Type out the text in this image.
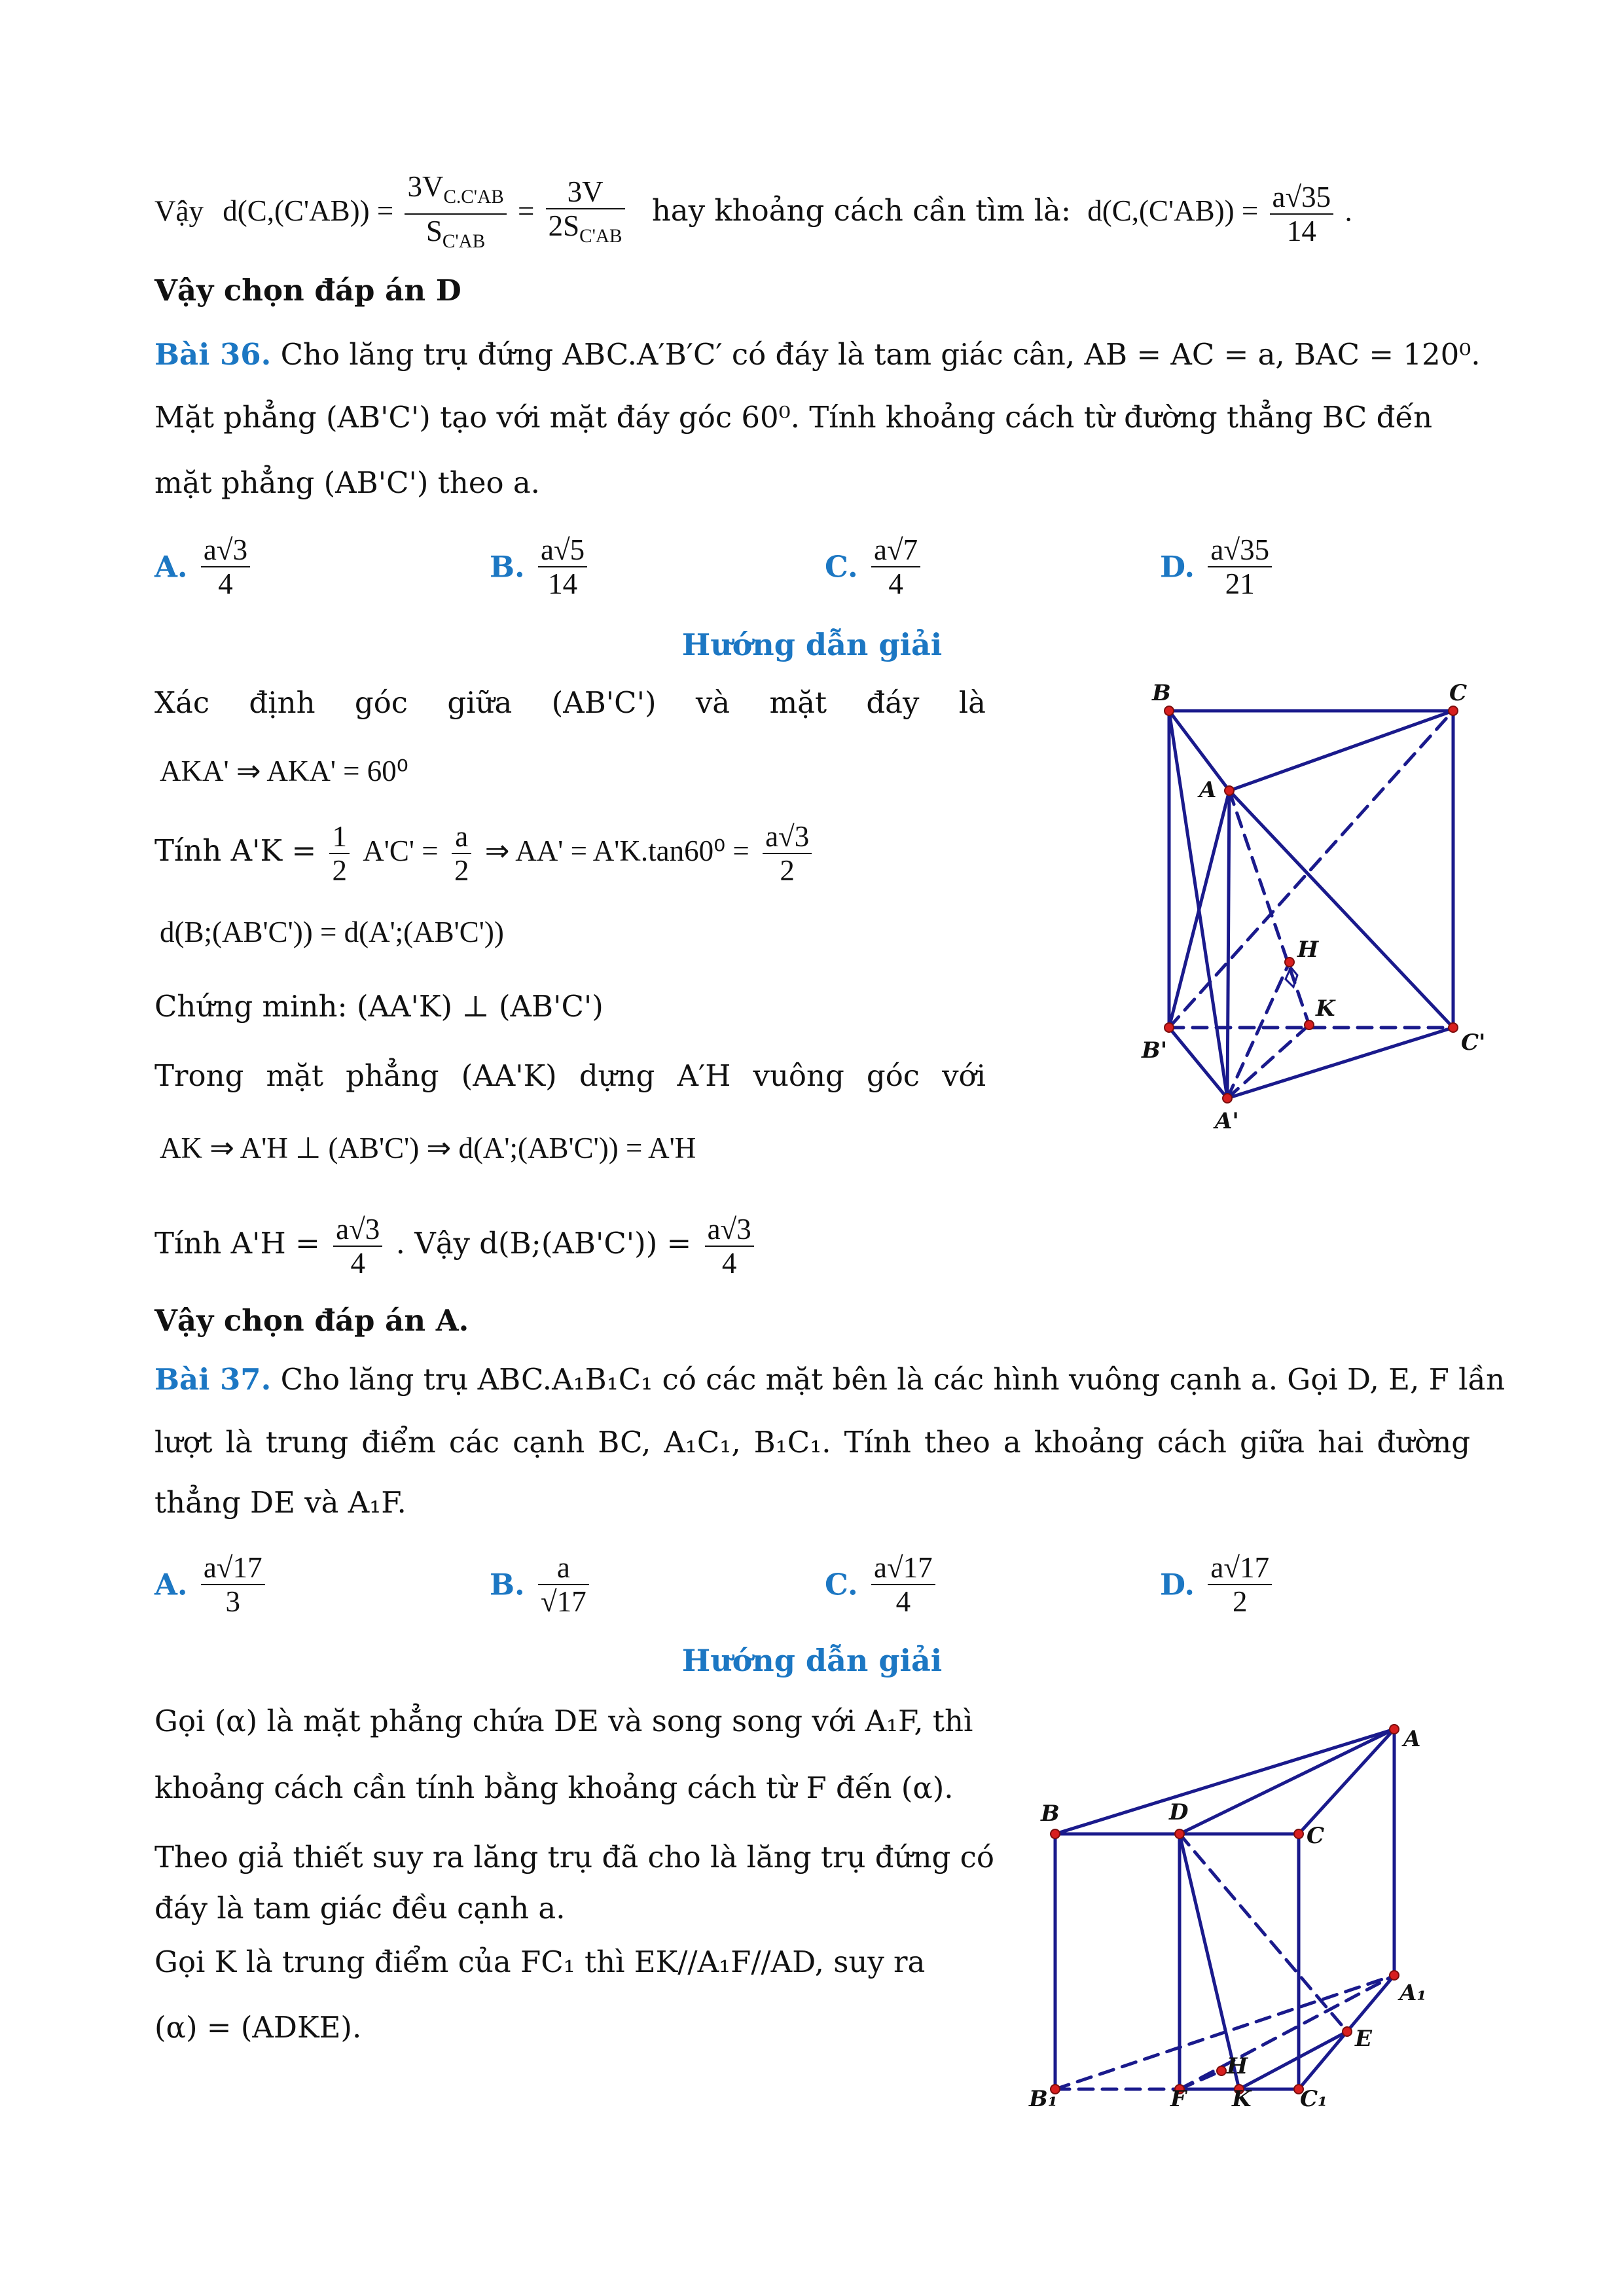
Vậy $d(C,(C'AB)) = \frac{3V_{C.C'AB}}{S_{C'AB}} = \frac{3V}{2S_{C'AB}}$ hay khoảng cách cần tìm là: $d(C,(C'AB)) = \frac{a√35}{14}$ .
Vậy chọn đáp án D
Bài 36. Cho lăng trụ đứng ABC.A′B′C′ có đáy là tam giác cân, AB = AC = a, BAC = 120⁰.
Mặt phẳng (AB'C') tạo với mặt đáy góc 60⁰. Tính khoảng cách từ đường thẳng BC đến
mặt phẳng (AB'C') theo a.
A. $\frac{a√3}{4}$	B. $\frac{a√5}{14}$	C. $\frac{a√7}{4}$	D. $\frac{a√35}{21}$
Hướng dẫn giải
Xác định góc giữa (AB'C') và mặt đáy là
AKA' ⇒ AKA' = 60⁰
Tính $A'K = \frac{1}{2} A'C' = \frac{a}{2}$ ⇒ $AA' = A'K.\tan 60^0 = \frac{a√3}{2}$
d(B;(AB'C')) = d(A';(AB'C'))
Chứng minh: (AA'K) ⊥ (AB'C')
Trong mặt phẳng (AA'K) dựng A′H vuông góc với
AK ⇒ A'H ⊥ (AB'C') ⇒ d(A';(AB'C')) = A'H
Tính $A'H = \frac{a√3}{4}$ . Vậy d(B;(AB'C')) = $\frac{a√3}{4}$
Vậy chọn đáp án A.
B	C
A
H
K
B'	C'
A'
Bài 37. Cho lăng trụ ABC.A₁B₁C₁ có các mặt bên là các hình vuông cạnh a. Gọi D, E, F lần
lượt là trung điểm các cạnh BC, A₁C₁, B₁C₁. Tính theo a khoảng cách giữa hai đường
thẳng DE và A₁F.
A. $\frac{a√17}{3}$	B. $\frac{a}{√17}$	C. $\frac{a√17}{4}$	D. $\frac{a√17}{2}$
Hướng dẫn giải
Gọi (α) là mặt phẳng chứa DE và song song với A₁F, thì
khoảng cách cần tính bằng khoảng cách từ F đến (α).
Theo giả thiết suy ra lăng trụ đã cho là lăng trụ đứng có
đáy là tam giác đều cạnh a.
Gọi K là trung điểm của FC₁ thì EK//A₁F//AD, suy ra
(α) = (ADKE).
A
B	D
C
A₁
E
H
B₁	F K C₁
